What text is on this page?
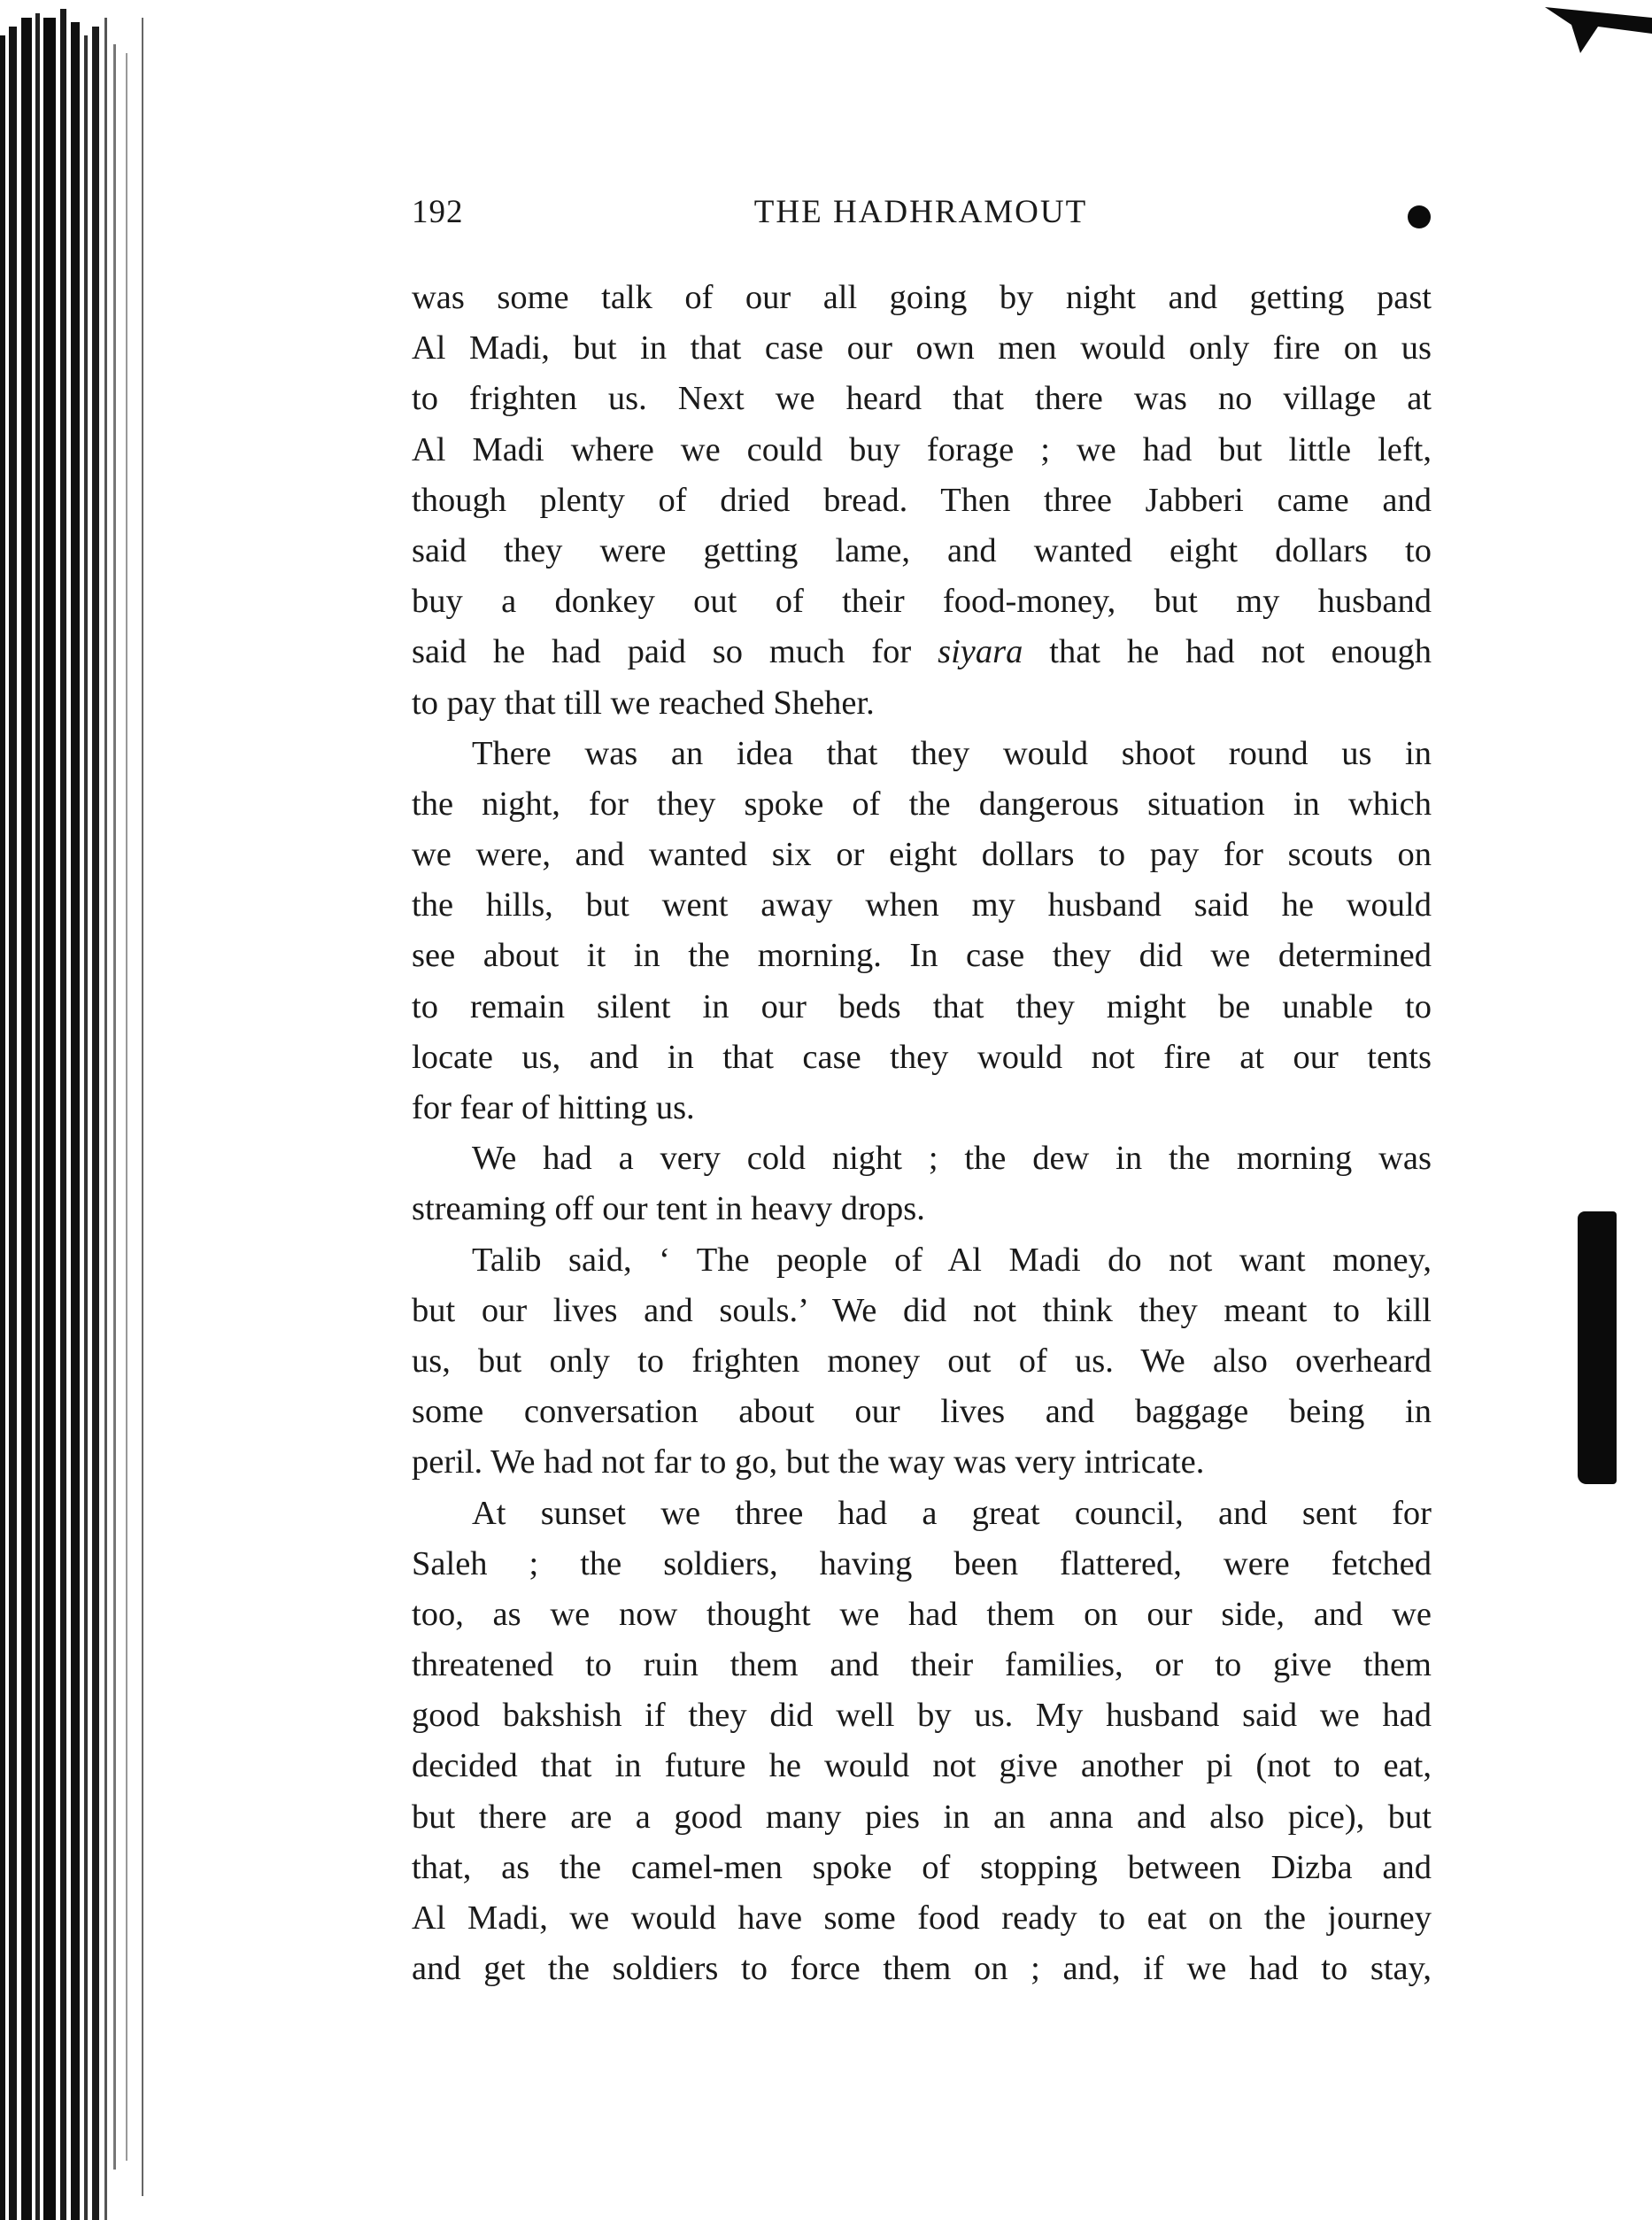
192	THE HADHRAMOUT
was some talk of our all going by night and getting past
Al Madi, but in that case our own men would only fire on us
to frighten us. Next we heard that there was no village at
Al Madi where we could buy forage ; we had but little left,
though plenty of dried bread. Then three Jabberi came and
said they were getting lame, and wanted eight dollars to
buy a donkey out of their food-money, but my husband
said he had paid so much for siyara that he had not enough
to pay that till we reached Sheher.
There was an idea that they would shoot round us in
the night, for they spoke of the dangerous situation in which
we were, and wanted six or eight dollars to pay for scouts on
the hills, but went away when my husband said he would
see about it in the morning. In case they did we determined
to remain silent in our beds that they might be unable to
locate us, and in that case they would not fire at our tents
for fear of hitting us.
We had a very cold night ; the dew in the morning was
streaming off our tent in heavy drops.
Talib said, ‘ The people of Al Madi do not want money,
but our lives and souls.’ We did not think they meant to kill
us, but only to frighten money out of us. We also overheard
some conversation about our lives and baggage being in
peril. We had not far to go, but the way was very intricate.
At sunset we three had a great council, and sent for
Saleh ; the soldiers, having been flattered, were fetched
too, as we now thought we had them on our side, and we
threatened to ruin them and their families, or to give them
good bakshish if they did well by us. My husband said we had
decided that in future he would not give another pi (not to eat,
but there are a good many pies in an anna and also pice), but
that, as the camel-men spoke of stopping between Dizba and
Al Madi, we would have some food ready to eat on the journey
and get the soldiers to force them on ; and, if we had to stay,
